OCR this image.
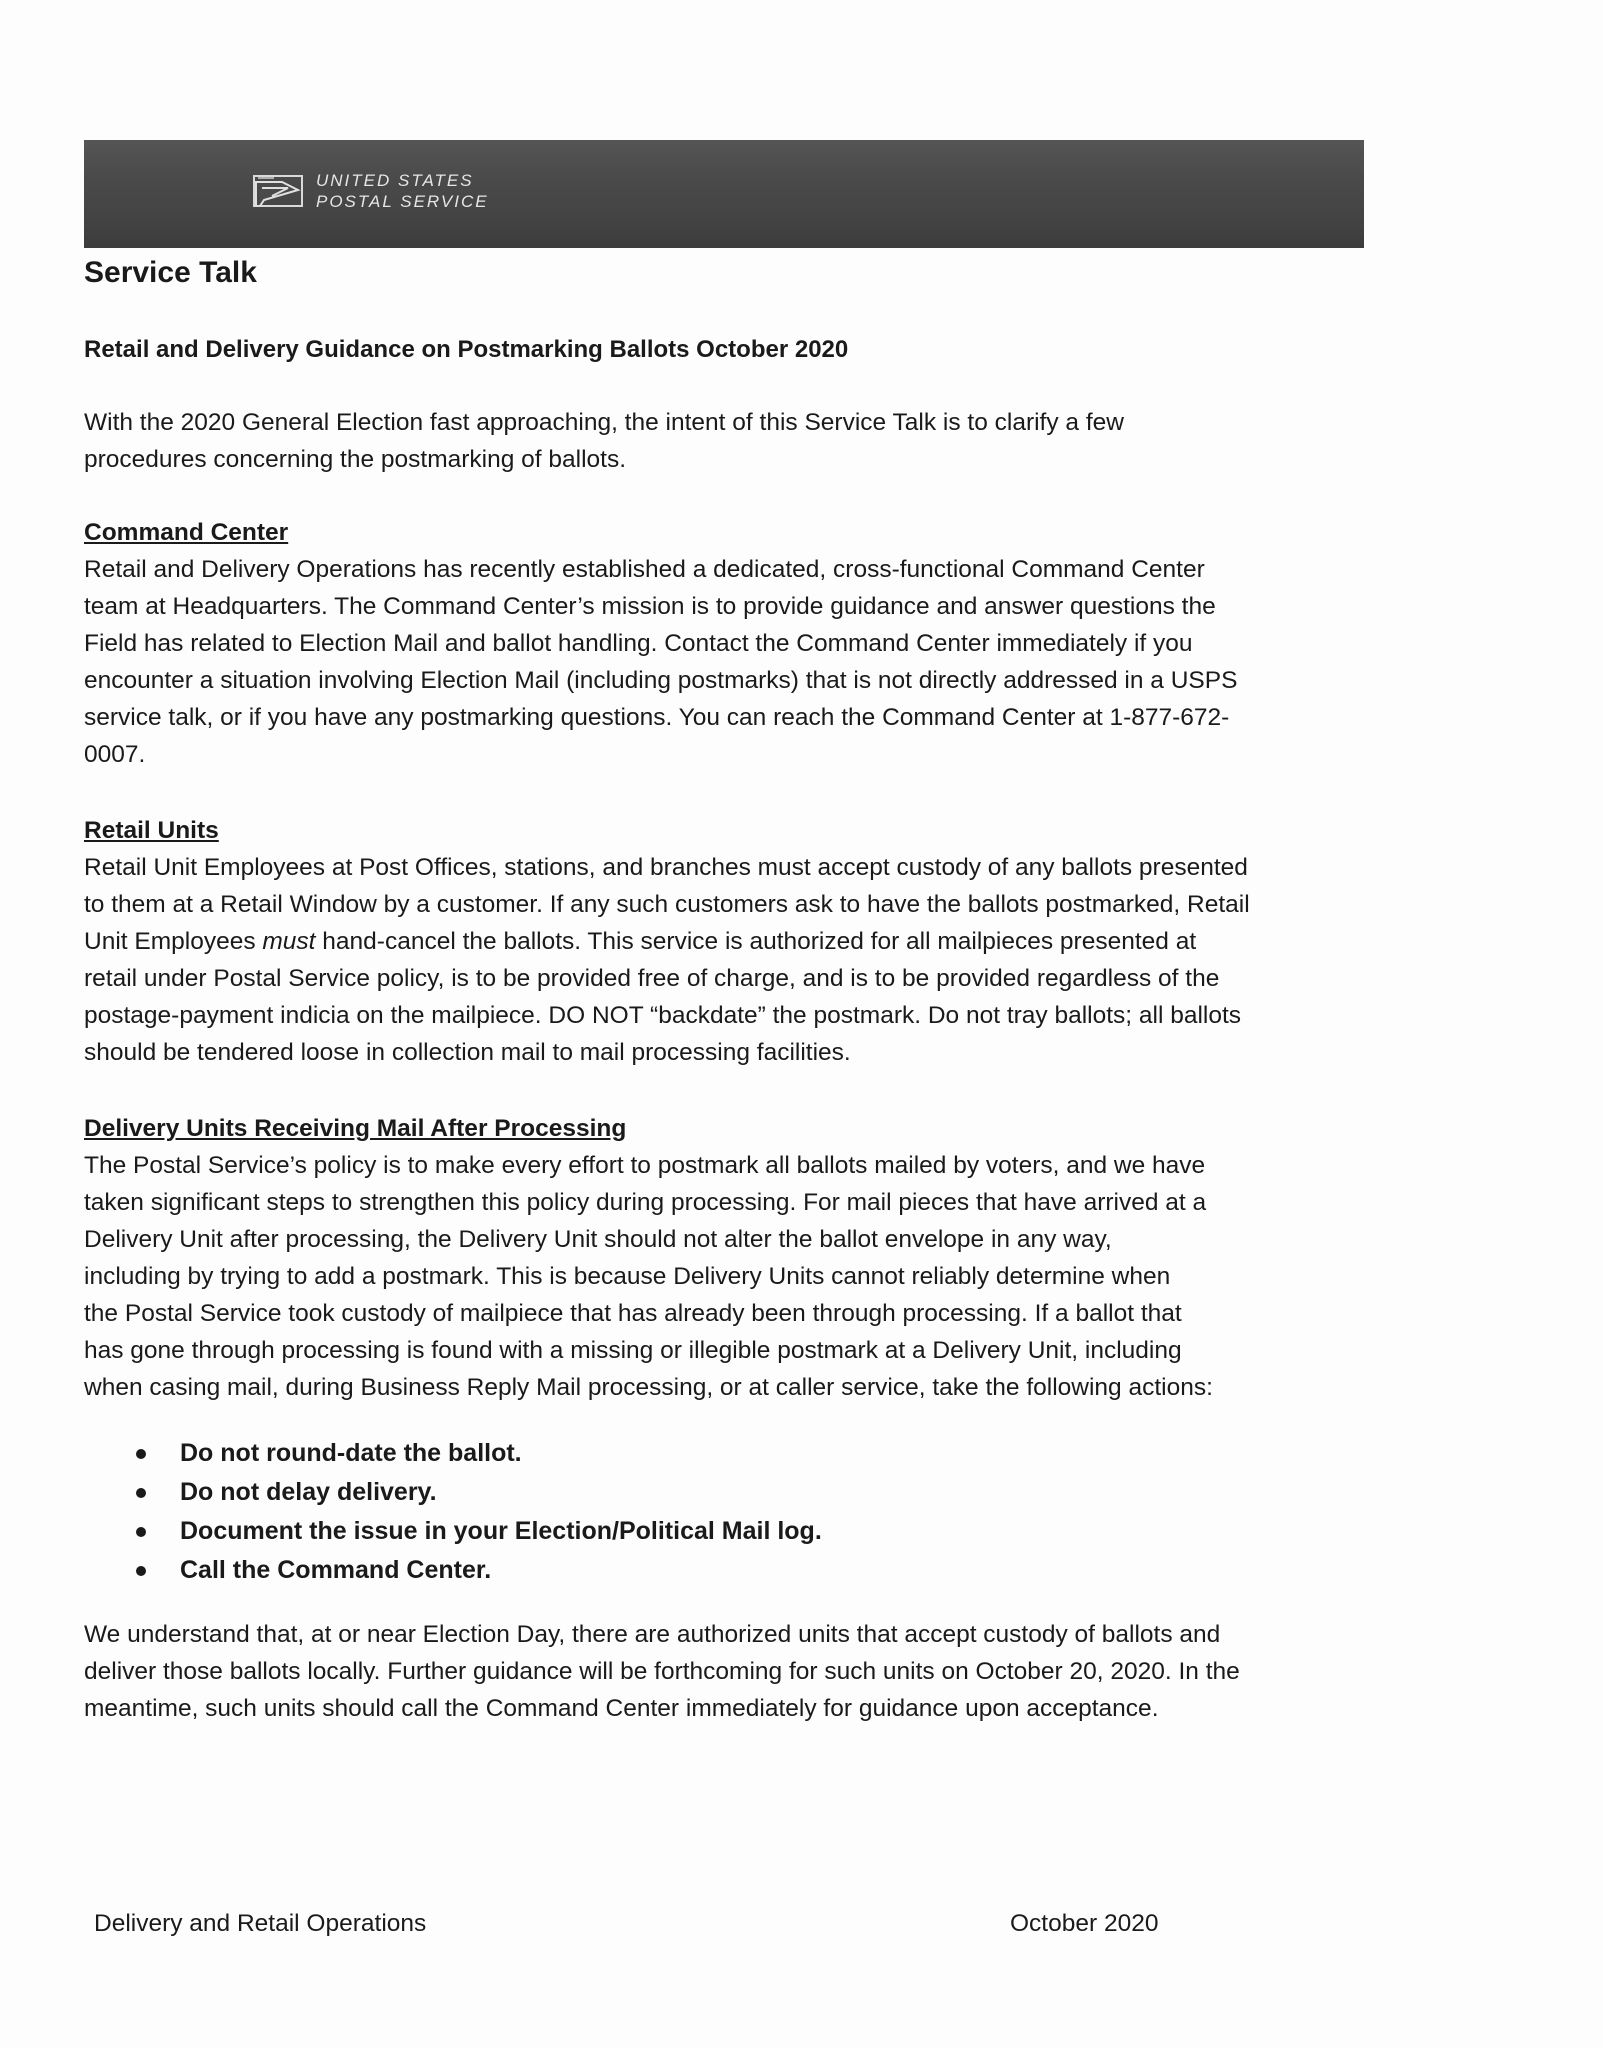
UNITED STATES
POSTAL SERVICE
Service Talk
Retail and Delivery Guidance on Postmarking Ballots October 2020
With the 2020 General Election fast approaching, the intent of this Service Talk is to clarify a few
procedures concerning the postmarking of ballots.
Command Center
Retail and Delivery Operations has recently established a dedicated, cross-functional Command Center
team at Headquarters. The Command Center’s mission is to provide guidance and answer questions the
Field has related to Election Mail and ballot handling. Contact the Command Center immediately if you
encounter a situation involving Election Mail (including postmarks) that is not directly addressed in a USPS
service talk, or if you have any postmarking questions. You can reach the Command Center at 1-877-672-
0007.
Retail Units
Retail Unit Employees at Post Offices, stations, and branches must accept custody of any ballots presented
to them at a Retail Window by a customer. If any such customers ask to have the ballots postmarked, Retail
Unit Employees must hand-cancel the ballots. This service is authorized for all mailpieces presented at
retail under Postal Service policy, is to be provided free of charge, and is to be provided regardless of the
postage-payment indicia on the mailpiece. DO NOT “backdate” the postmark. Do not tray ballots; all ballots
should be tendered loose in collection mail to mail processing facilities.
Delivery Units Receiving Mail After Processing
The Postal Service’s policy is to make every effort to postmark all ballots mailed by voters, and we have
taken significant steps to strengthen this policy during processing. For mail pieces that have arrived at a
Delivery Unit after processing, the Delivery Unit should not alter the ballot envelope in any way,
including by trying to add a postmark. This is because Delivery Units cannot reliably determine when
the Postal Service took custody of mailpiece that has already been through processing. If a ballot that
has gone through processing is found with a missing or illegible postmark at a Delivery Unit, including
when casing mail, during Business Reply Mail processing, or at caller service, take the following actions:
Do not round-date the ballot.
Do not delay delivery.
Document the issue in your Election/Political Mail log.
Call the Command Center.
We understand that, at or near Election Day, there are authorized units that accept custody of ballots and
deliver those ballots locally. Further guidance will be forthcoming for such units on October 20, 2020. In the
meantime, such units should call the Command Center immediately for guidance upon acceptance.
Delivery and Retail Operations	October 2020
